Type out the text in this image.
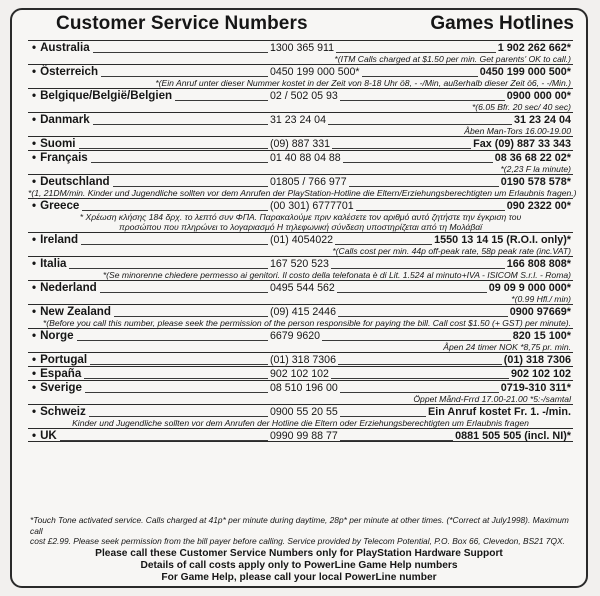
Customer Service Numbers	Games Hotlines
• Australia	1300 365 911	1 902 262 662*
*(ITM Calls charged at $1.50 per min. Get parents' OK to call.)
• Österreich	0450 199 000 500*	0450 199 000 500*
*(Ein Anruf unter dieser Nummer kostet in der Zeit von 8-18 Uhr ö8, - -/Min, außerhalb dieser Zeit ö6, - -/Min.)
• Belgique/België/Belgien	02 / 502 05 93	0900 000 00*
*(6.05 Bfr. 20 sec/ 40 sec)
• Danmark	31 23 24 04	31 23 24 04
Åben Man-Tors 16.00-19.00
• Suomi	(09) 887 331	Fax (09) 887 33 343
• Français	01 40 88 04 88	08 36 68 22 02*
*(2,23 F la minute)
• Deutschland	01805 / 766 977	0190 578 578*
*(1, 21DM/min. Kinder und Jugendliche sollten vor dem Anrufen der PlayStation-Hotline die Eltern/Erziehungsberechtigten um Erlaubnis fragen.)
• Greece	(00 301) 6777701	090 2322 00*
* Χρέωση κλήσης 184 δρχ. το λεπτό συν ΦΠΑ. Παρακαλούμε πριν καλέσετε τον αριθμό αυτό ζητήστε την έγκριση του
προσώπου που πληρώνει το λογαριασμό Η τηλεφωνική σύνδεση υποστηρίζεται από τη Μολάβαϊ
• Ireland	(01) 4054022	1550 13 14 15 (R.O.I. only)*
*(Calls cost per min. 44p off-peak rate, 58p peak rate (inc.VAT)
• Italia	167 520 523	166 808 808*
*(Se minorenne chiedere permesso ai genitori. Il costo della telefonata è di Lit. 1.524 al minuto+IVA - ISICOM S.r.l. - Roma)
• Nederland	0495 544 562	09 09 9 000 000*
*(0.99 Hfl./ min)
• New Zealand	(09) 415 2446	0900 97669*
*(Before you call this number, please seek the permission of the person responsible for paying the bill. Call cost $1.50 (+ GST) per minute).
• Norge	6679 9620	820 15 100*
Åpen 24 timer NOK *8,75 pr. min.
• Portugal	(01) 318 7306	(01) 318 7306
• España	902 102 102	902 102 102
• Sverige	08 510 196 00	0719-310 311*
Öppet Månd-Frrd 17.00-21.00 *5:-/samtal
• Schweiz	0900 55 20 55	Ein Anruf kostet Fr. 1. -/min.
Kinder und Jugendliche sollten vor dem Anrufen der Hotline die Eltern oder Erziehungsberechtigten um Erlaubnis fragen
• UK	0990 99 88 77	0881 505 505 (incl. NI)*
*Touch Tone activated service. Calls charged at 41p* per minute during daytime, 28p* per minute at other times. (*Correct at July1998). Maximum call
cost £2.99. Please seek permission from the bill payer before calling. Service provided by Telecom Potential, P.O. Box 66, Clevedon, BS21 7QX.
Please call these Customer Service Numbers only for PlayStation Hardware Support
Details of call costs apply only to PowerLine Game Help numbers
For Game Help, please call your local PowerLine number
